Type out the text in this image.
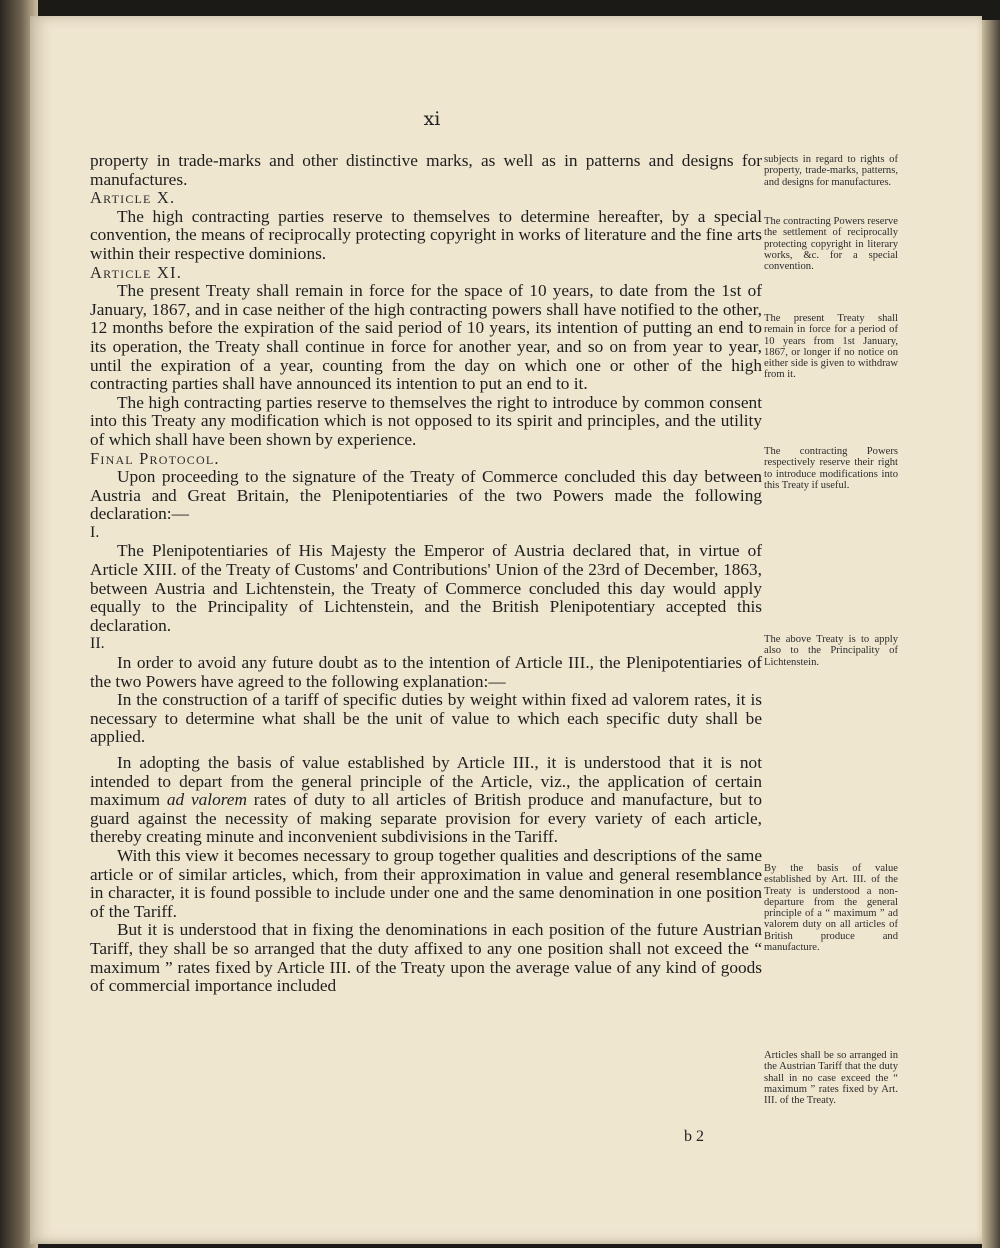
xi

property in trade-marks and other distinctive marks, as well as in patterns and designs for manufactures.

Article X.

The high contracting parties reserve to themselves to determine hereafter, by a special convention, the means of reciprocally protecting copyright in works of literature and the fine arts within their respective dominions.

Article XI.

The present Treaty shall remain in force for the space of 10 years, to date from the 1st of January, 1867, and in case neither of the high contracting powers shall have notified to the other, 12 months before the expiration of the said period of 10 years, its intention of putting an end to its operation, the Treaty shall continue in force for another year, and so on from year to year, until the expiration of a year, counting from the day on which one or other of the high contracting parties shall have announced its intention to put an end to it.

The high contracting parties reserve to themselves the right to introduce by common consent into this Treaty any modification which is not opposed to its spirit and principles, and the utility of which shall have been shown by experience.

Final Protocol.

Upon proceeding to the signature of the Treaty of Commerce concluded this day between Austria and Great Britain, the Plenipotentiaries of the two Powers made the following declaration:—

I.

The Plenipotentiaries of His Majesty the Emperor of Austria declared that, in virtue of Article XIII. of the Treaty of Customs' and Contributions' Union of the 23rd of December, 1863, between Austria and Lichtenstein, the Treaty of Commerce concluded this day would apply equally to the Principality of Lichtenstein, and the British Plenipotentiary accepted this declaration.

II.

In order to avoid any future doubt as to the intention of Article III., the Plenipotentiaries of the two Powers have agreed to the following explanation:—

In the construction of a tariff of specific duties by weight within fixed ad valorem rates, it is necessary to determine what shall be the unit of value to which each specific duty shall be applied.

In adopting the basis of value established by Article III., it is understood that it is not intended to depart from the general principle of the Article, viz., the application of certain maximum ad valorem rates of duty to all articles of British produce and manufacture, but to guard against the necessity of making separate provision for every variety of each article, thereby creating minute and inconvenient subdivisions in the Tariff.

With this view it becomes necessary to group together qualities and descriptions of the same article or of similar articles, which, from their approximation in value and general resemblance in character, it is found possible to include under one and the same denomination in one position of the Tariff.

But it is understood that in fixing the denominations in each position of the future Austrian Tariff, they shall be so arranged that the duty affixed to any one position shall not exceed the “ maximum ” rates fixed by Article III. of the Treaty upon the average value of any kind of goods of commercial importance included

subjects in regard to rights of property, trade-marks, patterns, and designs for manufactures.
The contracting Powers reserve the settlement of reciprocally protecting copyright in literary works, &c. for a special convention.
The present Treaty shall remain in force for a period of 10 years from 1st January, 1867, or longer if no notice on either side is given to withdraw from it.
The contracting Powers respectively reserve their right to introduce modifications into this Treaty if useful.
The above Treaty is to apply also to the Principality of Lichtenstein.
By the basis of value established by Art. III. of the Treaty is understood a non-departure from the general principle of a “ maximum ” ad valorem duty on all articles of British produce and manufacture.
Articles shall be so arranged in the Austrian Tariff that the duty shall in no case exceed the “ maximum ” rates fixed by Art. III. of the Treaty.
b 2
